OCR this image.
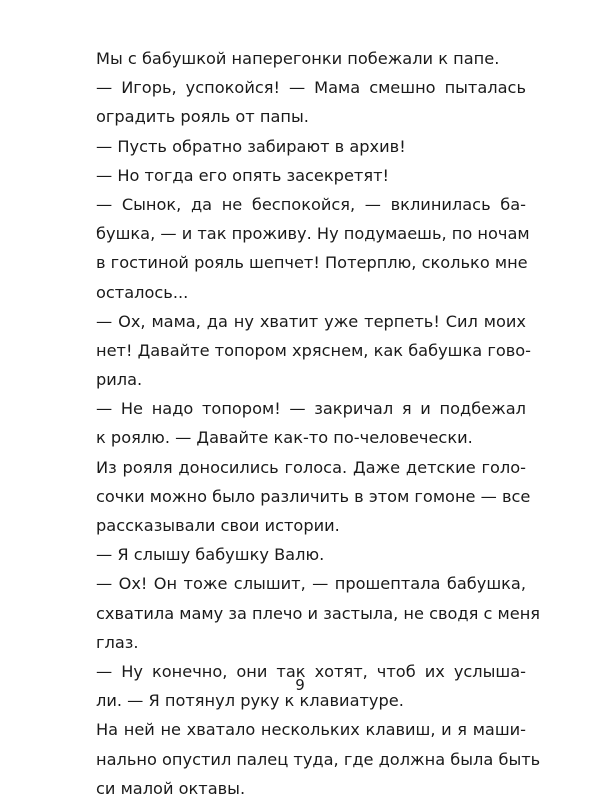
Мы с бабушкой наперегонки побежали к папе.
— Игорь, успокойся! — Мама смешно пыталась
оградить рояль от папы.
— Пусть обратно забирают в архив!
— Но тогда его опять засекретят!
— Сынок, да не беспокойся, — вклинилась ба-
бушка, — и так проживу. Ну подумаешь, по ночам
в гостиной рояль шепчет! Потерплю, сколько мне
осталось...
— Ох, мама, да ну хватит уже терпеть! Сил моих
нет! Давайте топором хряснем, как бабушка гово-
рила.
— Не надо топором! — закричал я и подбежал
к роялю. — Давайте как-то по-человечески.
Из рояля доносились голоса. Даже детские голо-
сочки можно было различить в этом гомоне — все
рассказывали свои истории.
— Я слышу бабушку Валю.
— Ох! Он тоже слышит, — прошептала бабушка,
схватила маму за плечо и застыла, не сводя с меня
глаз.
— Ну конечно, они так хотят, чтоб их услыша-
ли. — Я потянул руку к клавиатуре.
На ней не хватало нескольких клавиш, и я маши-
нально опустил палец туда, где должна была быть
си малой октавы.
9
